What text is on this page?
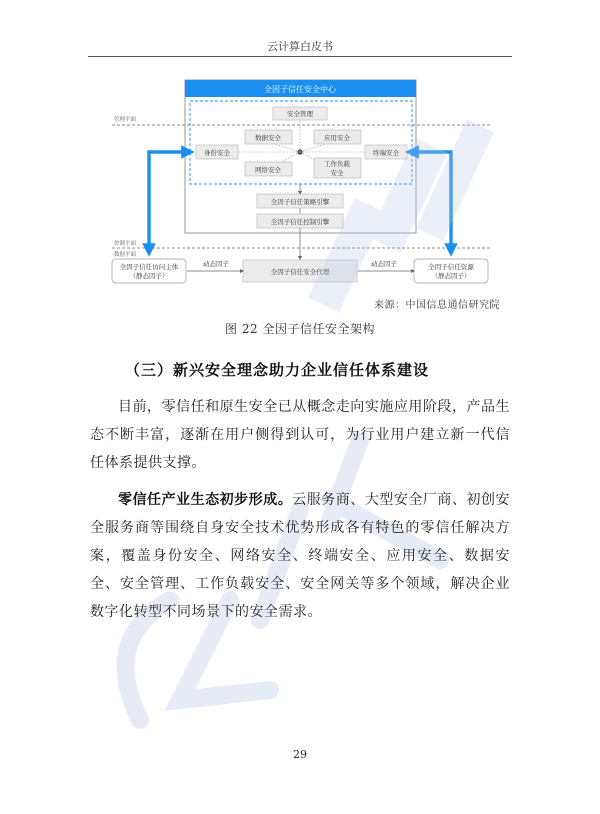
云计算白皮书
全因子信任安全中心
管理平面
控制平面
数据平面
安全管理
数据安全	应用安全
身份安全	终端安全
网络安全
工作负载
安全
全因子信任策略引擎
全因子信任控制引擎
全因子信任访问主体
（静态因子）	全因子信任安全代理
全因子信任资源
（静态因子）
动态因子	动态因子
来源：中国信息通信研究院
图 22 全因子信任安全架构
（三）新兴安全理念助力企业信任体系建设
目前，零信任和原生安全已从概念走向实施应用阶段，产品生态不断丰富，逐渐在用户侧得到认可，为行业用户建立新一代信任体系提供支撑。
零信任产业生态初步形成。云服务商、大型安全厂商、初创安全服务商等围绕自身安全技术优势形成各有特色的零信任解决方案，覆盖身份安全、网络安全、终端安全、应用安全、数据安全、安全管理、工作负载安全、安全网关等多个领域，解决企业数字化转型不同场景下的安全需求。
29
